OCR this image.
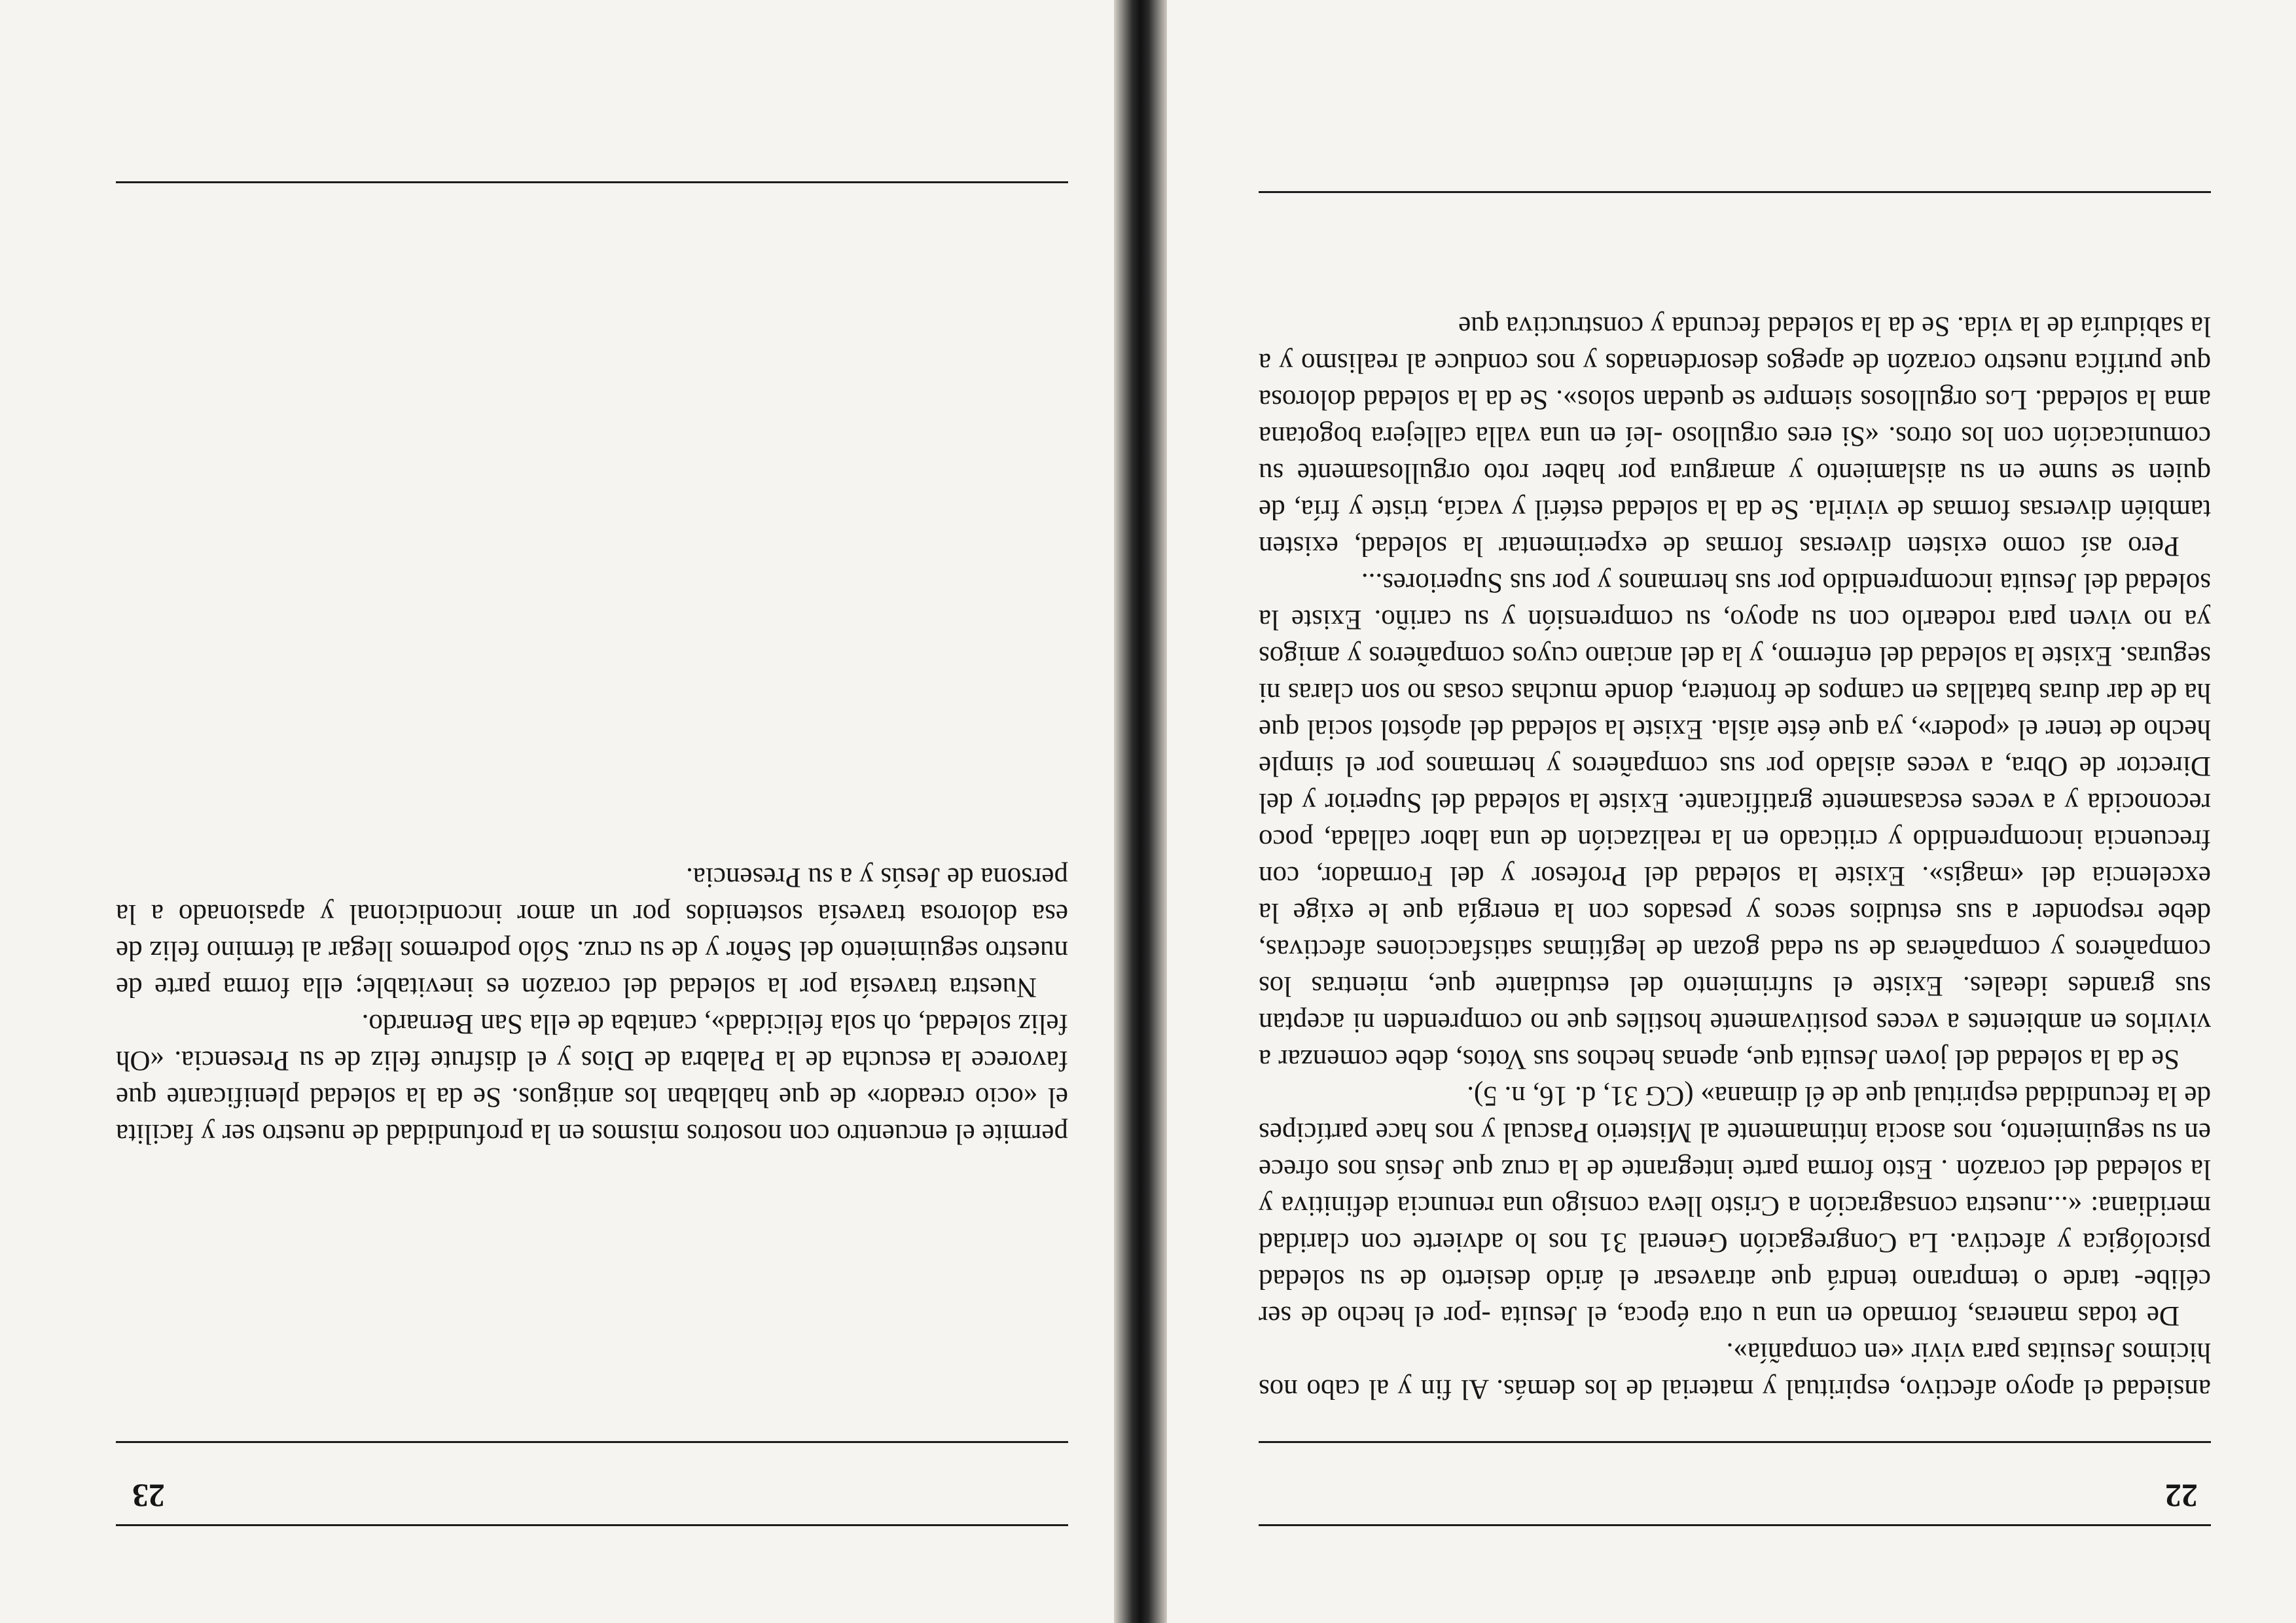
22

ansiedad el apoyo afectivo, espiritual y material de los demás. Al fin y al cabo nos hicimos Jesuitas para vivir «en compañía».

De todas maneras, formado en una u otra época, el Jesuita -por el hecho de ser célibe- tarde o temprano tendrá que atravesar el árido desierto de su soledad psicológica y afectiva. La Congregación General 31 nos lo advierte con claridad meridiana: «...nuestra consagración a Cristo lleva consigo una renuncia definitiva y la soledad del corazón . Esto forma parte integrante de la cruz que Jesús nos ofrece en su seguimiento, nos asocia íntimamente al Misterio Pascual y nos hace partícipes de la fecundidad espiritual que de él dimana» (CG 31, d. 16, n. 5).

Se da la soledad del joven Jesuita que, apenas hechos sus Votos, debe comenzar a vivirlos en ambientes a veces positivamente hostiles que no comprenden ni aceptan sus grandes ideales. Existe el sufrimiento del estudiante que, mientras los compañeros y compañeras de su edad gozan de legítimas satisfacciones afectivas, debe responder a sus estudios secos y pesados con la energía que le exige la excelencia del «magis». Existe la soledad del Profesor y del Formador, con frecuencia incomprendido y criticado en la realización de una labor callada, poco reconocida y a veces escasamente gratificante. Existe la soledad del Superior y del Director de Obra, a veces aislado por sus compañeros y hermanos por el simple hecho de tener el «poder», ya que éste aísla. Existe la soledad del apóstol social que ha de dar duras batallas en campos de frontera, donde muchas cosas no son claras ni seguras. Existe la soledad del enfermo, y la del anciano cuyos compañeros y amigos ya no viven para rodearlo con su apoyo, su comprensión y su cariño. Existe la soledad del Jesuita incomprendido por sus hermanos y por sus Superiores...

Pero así como existen diversas formas de experimentar la soledad, existen también diversas formas de vivirla. Se da la soledad estéril y vacía, triste y fría, de quien se sume en su aislamiento y amargura por haber roto orgullosamente su comunicación con los otros. «Si eres orgulloso -leí en una valla callejera bogotana ama la soledad. Los orgullosos siempre se quedan solos». Se da la soledad dolorosa que purifica nuestro corazón de apegos desordenados y nos conduce al realismo y a la sabiduría de la vida. Se da la soledad fecunda y constructiva que

23

permite el encuentro con nosotros mismos en la profundidad de nuestro ser y facilita el «ocio creador» de que hablaban los antiguos. Se da la soledad plenificante que favorece la escucha de la Palabra de Dios y el disfrute feliz de su Presencia. «Oh feliz soledad, oh sola felicidad», cantaba de ella San Bernardo.

Nuestra travesía por la soledad del corazón es inevitable; ella forma parte de nuestro seguimiento del Señor y de su cruz. Sólo podremos llegar al término feliz de esa dolorosa travesía sostenidos por un amor incondicional y apasionado a la persona de Jesús y a su Presencia.
